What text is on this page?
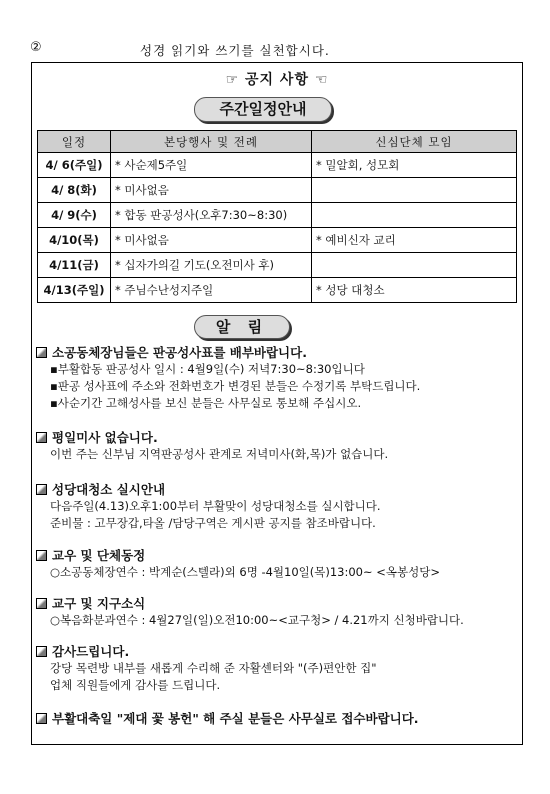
②	성경 읽기와 쓰기를 실천합시다.
☞ 공지 사항 ☜
주간일정안내
일정	본당행사 및 전례	신심단체 모임
4/ 6(주일)	* 사순제5주일	* 밀알회, 성모회
4/ 8(화)	* 미사없음	
4/ 9(수)	* 합동 판공성사(오후7:30~8:30)	
4/10(목)	* 미사없음	* 예비신자 교리
4/11(금)	* 십자가의길 기도(오전미사 후)	
4/13(주일)	* 주님수난성지주일	* 성당 대청소
알 림
소공동체장님들은 판공성사표를 배부바랍니다.
▪부활합동 판공성사 일시 : 4월9일(수) 저녁7:30~8:30입니다
▪판공 성사표에 주소와 전화번호가 변경된 분들은 수정기록 부탁드립니다.
▪사순기간 고해성사를 보신 분들은 사무실로 통보해 주십시오.
평일미사 없습니다.
이번 주는 신부님 지역판공성사 관계로 저녁미사(화,목)가 없습니다.
성당대청소 실시안내
다음주일(4.13)오후1:00부터 부활맞이 성당대청소를 실시합니다.
준비물 : 고무장갑,타올 /담당구역은 게시판 공지를 참조바랍니다.
교우 및 단체동정
○소공동체장연수 : 박계순(스텔라)외 6명 -4월10일(목)13:00~ <옥봉성당>
교구 및 지구소식
○복음화분과연수 : 4월27일(일)오전10:00~<교구청> / 4.21까지 신청바랍니다.
감사드립니다.
강당 목련방 내부를 새롭게 수리해 준 자활센터와 "(주)편안한 집"
업체 직원들에게 감사를 드립니다.
부활대축일 "제대 꽃 봉헌" 해 주실 분들은 사무실로 접수바랍니다.
